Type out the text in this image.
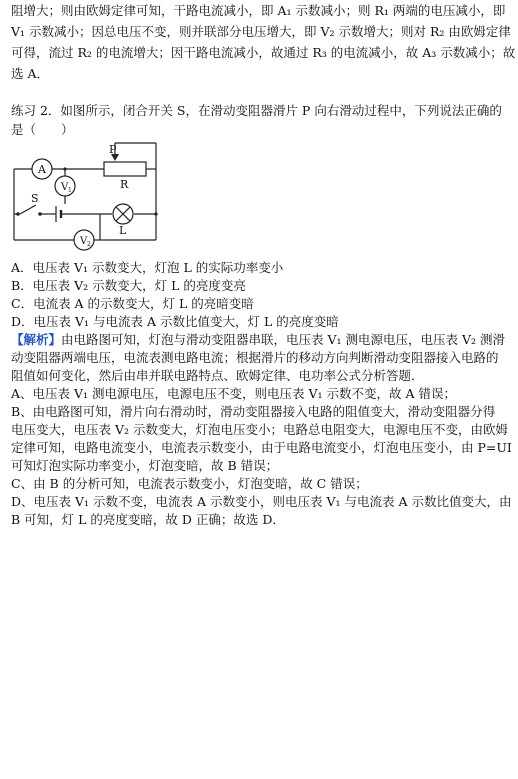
阻增大；则由欧姆定律可知，干路电流减小，即 A₁ 示数减小；则 R₁ 两端的电压减小，即
V₁ 示数减小；因总电压不变，则并联部分电压增大，即 V₂ 示数增大；则对 R₂ 由欧姆定律
可得，流过 R₂ 的电流增大；因干路电流减小，故通过 R₃ 的电流减小，故 A₃ 示数减小；故
选 A．
练习 2．如图所示，闭合开关 S，在滑动变阻器滑片 P 向右滑动过程中，下列说法正确的
是（　　）
A
P
R
V 1
S
L
V 2
A．电压表 V₁ 示数变大，灯泡 L 的实际功率变小
B．电压表 V₂ 示数变大，灯 L 的亮度变亮
C．电流表 A 的示数变大，灯 L 的亮暗变暗
D．电压表 V₁ 与电流表 A 示数比值变大，灯 L 的亮度变暗
【解析】由电路图可知，灯泡与滑动变阻器串联，电压表 V₁ 测电源电压，电压表 V₂ 测滑
动变阻器两端电压，电流表测电路电流；根据滑片的移动方向判断滑动变阻器接入电路的
阻值如何变化，然后由串并联电路特点、欧姆定律、电功率公式分析答题．
A、电压表 V₁ 测电源电压，电源电压不变，则电压表 V₁ 示数不变，故 A 错误；
B、由电路图可知，滑片向右滑动时，滑动变阻器接入电路的阻值变大，滑动变阻器分得
电压变大，电压表 V₂ 示数变大，灯泡电压变小；电路总电阻变大，电源电压不变，由欧姆
定律可知，电路电流变小，电流表示数变小，由于电路电流变小，灯泡电压变小，由 P=UI
可知灯泡实际功率变小，灯泡变暗，故 B 错误；
C、由 B 的分析可知，电流表示数变小，灯泡变暗，故 C 错误；
D、电压表 V₁ 示数不变，电流表 A 示数变小，则电压表 V₁ 与电流表 A 示数比值变大，由
B 可知，灯 L 的亮度变暗，故 D 正确；故选 D．
